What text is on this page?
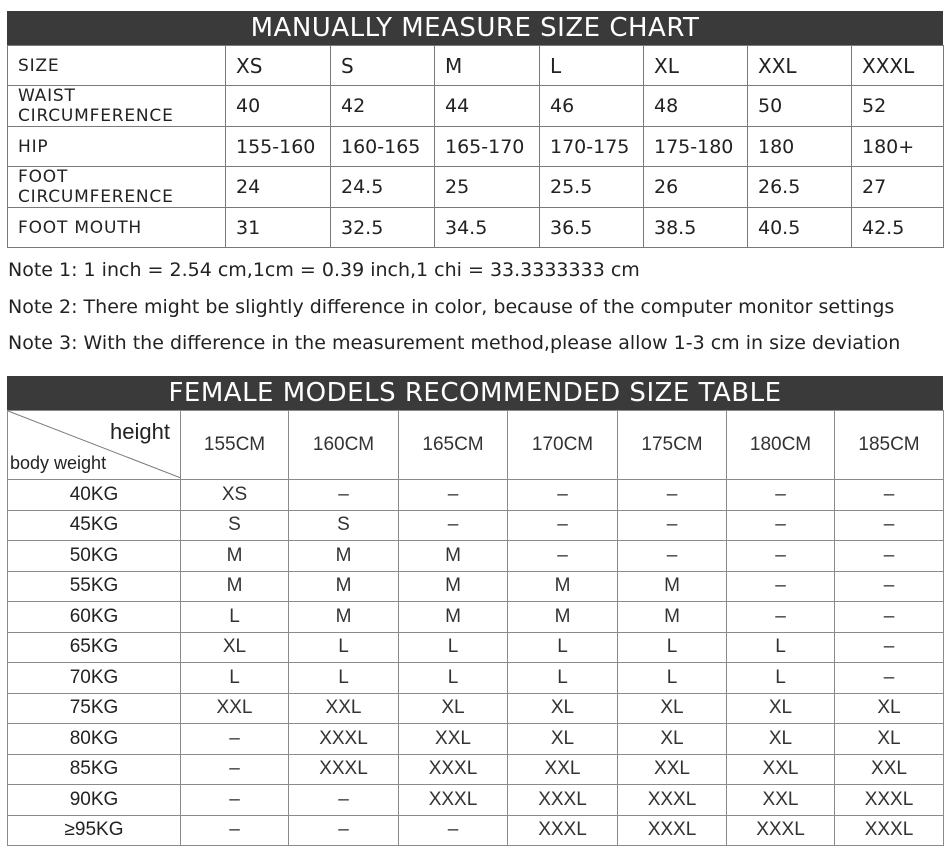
MANUALLY MEASURE SIZE CHART
SIZE	XS	S	M	L	XL	XXL	XXXL
WAIST CIRCUMFERENCE	40	42	44	46	48	50	52
HIP	155-160	160-165	165-170	170-175	175-180	180	180+
FOOT CIRCUMFERENCE	24	24.5	25	25.5	26	26.5	27
FOOT MOUTH	31	32.5	34.5	36.5	38.5	40.5	42.5
Note 1: 1 inch = 2.54 cm,1cm = 0.39 inch,1 chi = 33.3333333 cm
Note 2: There might be slightly difference in color, because of the computer monitor settings
Note 3: With the difference in the measurement method,please allow 1-3 cm in size deviation
FEMALE MODELS RECOMMENDED SIZE TABLE
height
body weight	155CM	160CM	165CM	170CM	175CM	180CM	185CM
40KG	XS	–	–	–	–	–	–
45KG	S	S	–	–	–	–	–
50KG	M	M	M	–	–	–	–
55KG	M	M	M	M	M	–	–
60KG	L	M	M	M	M	–	–
65KG	XL	L	L	L	L	L	–
70KG	L	L	L	L	L	L	–
75KG	XXL	XXL	XL	XL	XL	XL	XL
80KG	–	XXXL	XXL	XL	XL	XL	XL
85KG	–	XXXL	XXXL	XXL	XXL	XXL	XXL
90KG	–	–	XXXL	XXXL	XXXL	XXL	XXXL
≥95KG	–	–	–	XXXL	XXXL	XXXL	XXXL
